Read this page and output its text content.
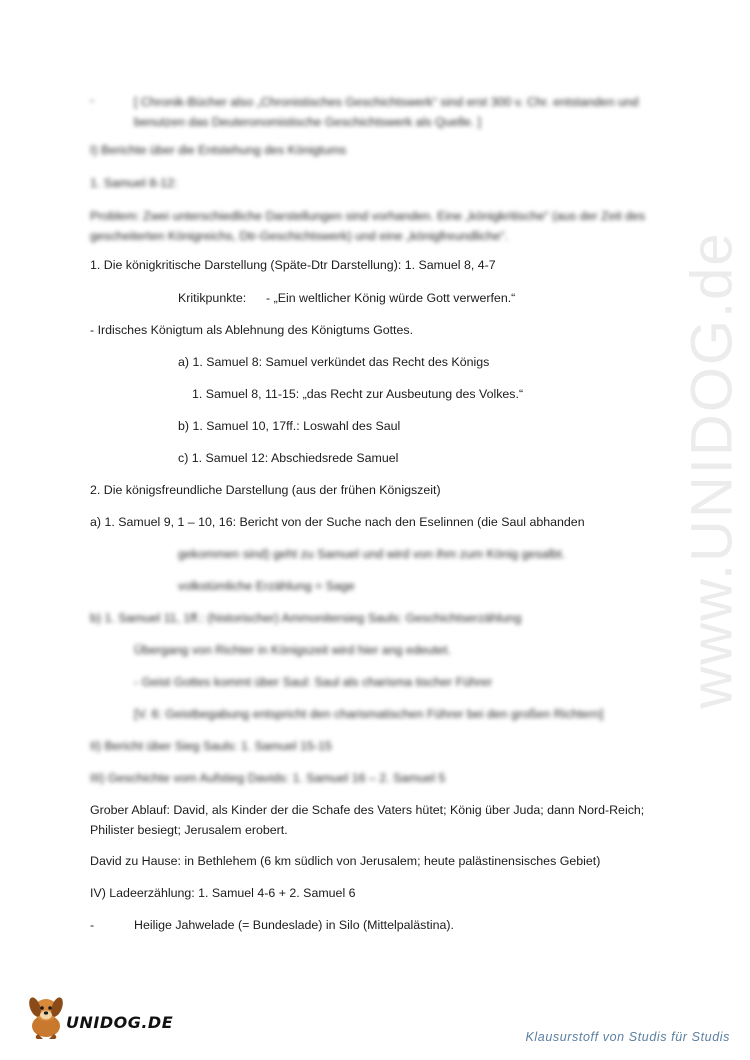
www.UNIDOG.de
-	[ Chronik-Bücher also „Chronistisches Geschichtswerk“ sind erst 300 v. Chr. entstanden und benutzen das Deuteronomistische Geschichtswerk als Quelle. ]
I) Berichte über die Entstehung des Königtums
1. Samuel 8-12:
Problem: Zwei unterschiedliche Darstellungen sind vorhanden. Eine „königkritische“ (aus der Zeit des gescheiterten Königreichs, Dtr-Geschichtswerk) und eine „königfreundliche“.
1. Die königkritische Darstellung (Späte-Dtr Darstellung): 1. Samuel 8, 4-7
Kritikpunkte: - „Ein weltlicher König würde Gott verwerfen.“
- Irdisches Königtum als Ablehnung des Königtums Gottes.
a) 1. Samuel 8: Samuel verkündet das Recht des Königs
1. Samuel 8, 11-15: „das Recht zur Ausbeutung des Volkes.“
b) 1. Samuel 10, 17ff.: Loswahl des Saul
c) 1. Samuel 12: Abschiedsrede Samuel
2. Die königsfreundliche Darstellung (aus der frühen Königszeit)
a) 1. Samuel 9, 1 – 10, 16: Bericht von der Suche nach den Eselinnen (die Saul abhanden
gekommen sind) geht zu Samuel und wird von ihm zum König gesalbt.
volkstümliche Erzählung = Sage
b) 1. Samuel 11, 1ff.: (historischer) Ammonitersieg Sauls: Geschichtserzählung
Übergang von Richter in Königszeit wird hier ang edeutet.
- Geist Gottes kommt über Saul: Saul als charisma tischer Führer
[V. 6: Geistbegabung entspricht den charismatischen Führer bei den großen Richtern]
II) Bericht über Sieg Sauls: 1. Samuel 15-15
III) Geschichte vom Aufstieg Davids: 1. Samuel 16 – 2. Samuel 5
Grober Ablauf: David, als Kinder der die Schafe des Vaters hütet; König über Juda; dann Nord-Reich;
Philister besiegt; Jerusalem erobert.
David zu Hause: in Bethlehem (6 km südlich von Jerusalem; heute palästinensisches Gebiet)
IV) Ladeerzählung: 1. Samuel 4-6 + 2. Samuel 6
-	Heilige Jahwelade (= Bundeslade) in Silo (Mittelpalästina).
UNIDOG.DE
Klausurstoff von Studis für Studis
